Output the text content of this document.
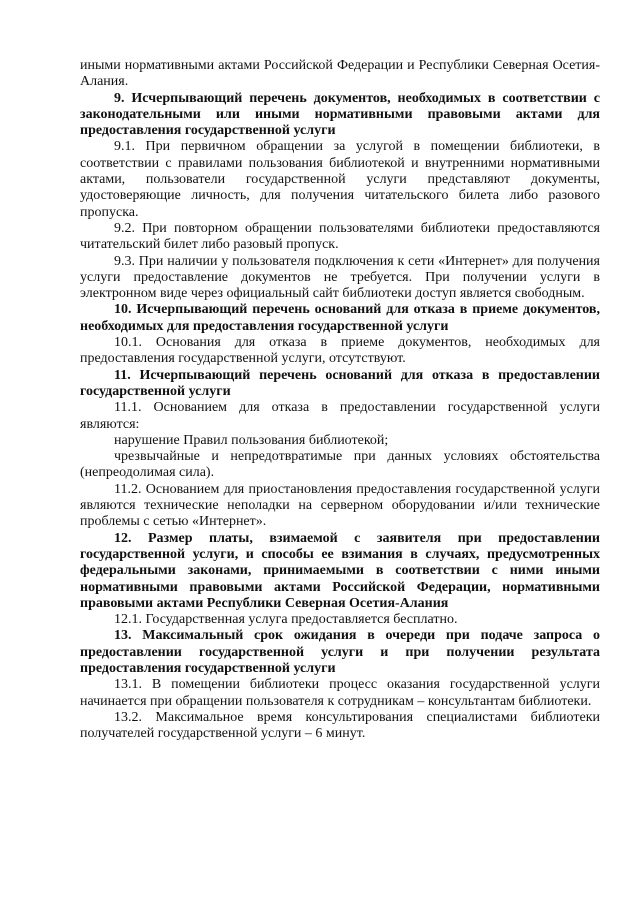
иными нормативными актами Российской Федерации и Республики Северная Осетия-Алания.

9. Исчерпывающий перечень документов, необходимых в соответствии с законодательными или иными нормативными правовыми актами для предоставления государственной услуги

9.1. При первичном обращении за услугой в помещении библиотеки, в соответствии с правилами пользования библиотекой и внутренними нормативными актами, пользователи государственной услуги представляют документы, удостоверяющие личность, для получения читательского билета либо разового пропуска.

9.2. При повторном обращении пользователями библиотеки предоставляются читательский билет либо разовый пропуск.

9.3. При наличии у пользователя подключения к сети «Интернет» для получения услуги предоставление документов не требуется. При получении услуги в электронном виде через официальный сайт библиотеки доступ является свободным.

10. Исчерпывающий перечень оснований для отказа в приеме документов, необходимых для предоставления государственной услуги

10.1. Основания для отказа в приеме документов, необходимых для предоставления государственной услуги, отсутствуют.

11. Исчерпывающий перечень оснований для отказа в предоставлении государственной услуги

11.1. Основанием для отказа в предоставлении государственной услуги являются:

нарушение Правил пользования библиотекой;

чрезвычайные и непредотвратимые при данных условиях обстоятельства (непреодолимая сила).

11.2. Основанием для приостановления предоставления государственной услуги являются технические неполадки на серверном оборудовании и/или технические проблемы с сетью «Интернет».

12. Размер платы, взимаемой с заявителя при предоставлении государственной услуги, и способы ее взимания в случаях, предусмотренных федеральными законами, принимаемыми в соответствии с ними иными нормативными правовыми актами Российской Федерации, нормативными правовыми актами Республики Северная Осетия-Алания

12.1. Государственная услуга предоставляется бесплатно.

13. Максимальный срок ожидания в очереди при подаче запроса о предоставлении государственной услуги и при получении результата предоставления государственной услуги

13.1. В помещении библиотеки процесс оказания государственной услуги начинается при обращении пользователя к сотрудникам – консультантам библиотеки.

13.2. Максимальное время консультирования специалистами библиотеки получателей государственной услуги – 6 минут.
